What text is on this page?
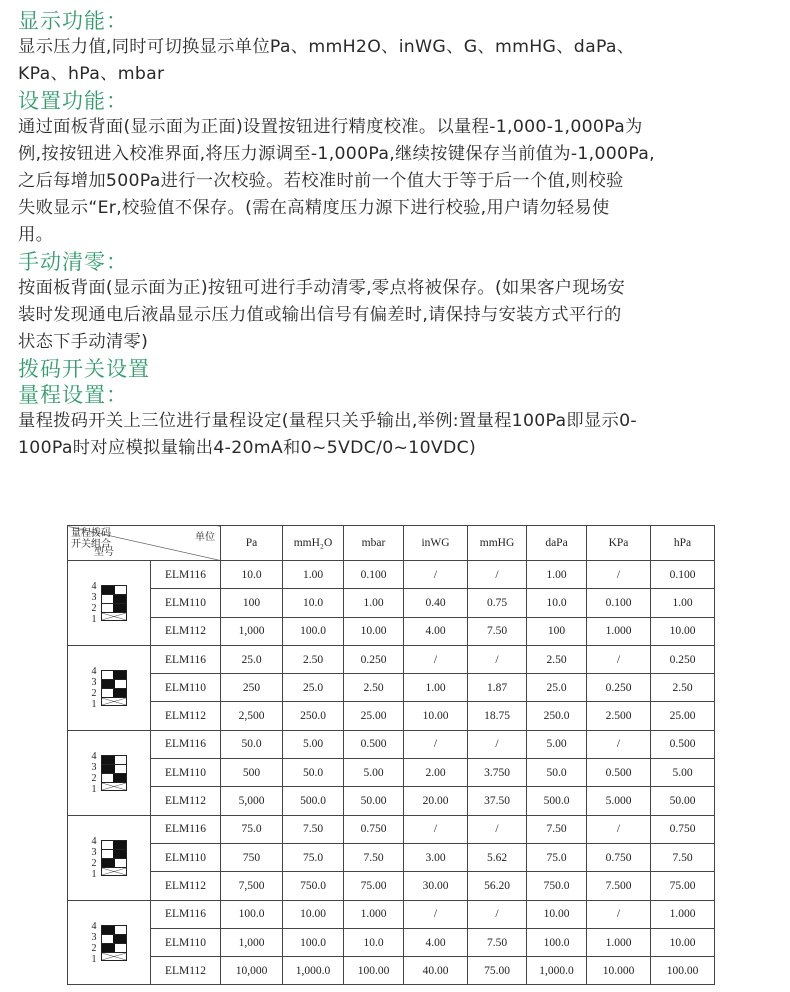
显示功能：
显示压力值,同时可切换显示单位Pa、mmH2O、inWG、G、mmHG、daPa、
KPa、hPa、mbar
设置功能：
通过面板背面(显示面为正面)设置按钮进行精度校准。以量程-1,000-1,000Pa为
例,按按钮进入校准界面,将压力源调至-1,000Pa,继续按键保存当前值为-1,000Pa,
之后每增加500Pa进行一次校验。若校准时前一个值大于等于后一个值,则校验
失败显示“Er,校验值不保存。(需在高精度压力源下进行校验,用户请勿轻易使
用。
手动清零：
按面板背面(显示面为正)按钮可进行手动清零,零点将被保存。(如果客户现场安
装时发现通电后液晶显示压力值或输出信号有偏差时,请保持与安装方式平行的
状态下手动清零)
拨码开关设置
量程设置：
量程拨码开关上三位进行量程设定(量程只关乎输出,举例:置量程100Pa即显示0-
100Pa时对应模拟量输出4-20mA和0~5VDC/0~10VDC)
量程拨码
开关组合
单位
型号		Pa	mmH₂O	mbar	inWG	mmHG	daPa	KPa	hPa

4
3
2
1	ELM116	10.0	1.00	0.100	/	/	1.00	/	0.100
	ELM110	100	10.0	1.00	0.40	0.75	10.0	0.100	1.00
	ELM112	1,000	100.0	10.00	4.00	7.50	100	1.000	10.00

4
3
2
1	ELM116	25.0	2.50	0.250	/	/	2.50	/	0.250
	ELM110	250	25.0	2.50	1.00	1.87	25.0	0.250	2.50
	ELM112	2,500	250.0	25.00	10.00	18.75	250.0	2.500	25.00

4
3
2
1	ELM116	50.0	5.00	0.500	/	/	5.00	/	0.500
	ELM110	500	50.0	5.00	2.00	3.750	50.0	0.500	5.00
	ELM112	5,000	500.0	50.00	20.00	37.50	500.0	5.000	50.00

4
3
2
1	ELM116	75.0	7.50	0.750	/	/	7.50	/	0.750
	ELM110	750	75.0	7.50	3.00	5.62	75.0	0.750	7.50
	ELM112	7,500	750.0	75.00	30.00	56.20	750.0	7.500	75.00

4
3
2
1	ELM116	100.0	10.00	1.000	/	/	10.00	/	1.000
	ELM110	1,000	100.0	10.0	4.00	7.50	100.0	1.000	10.00
	ELM112	10,000	1,000.0	100.00	40.00	75.00	1,000.0	10.000	100.00
